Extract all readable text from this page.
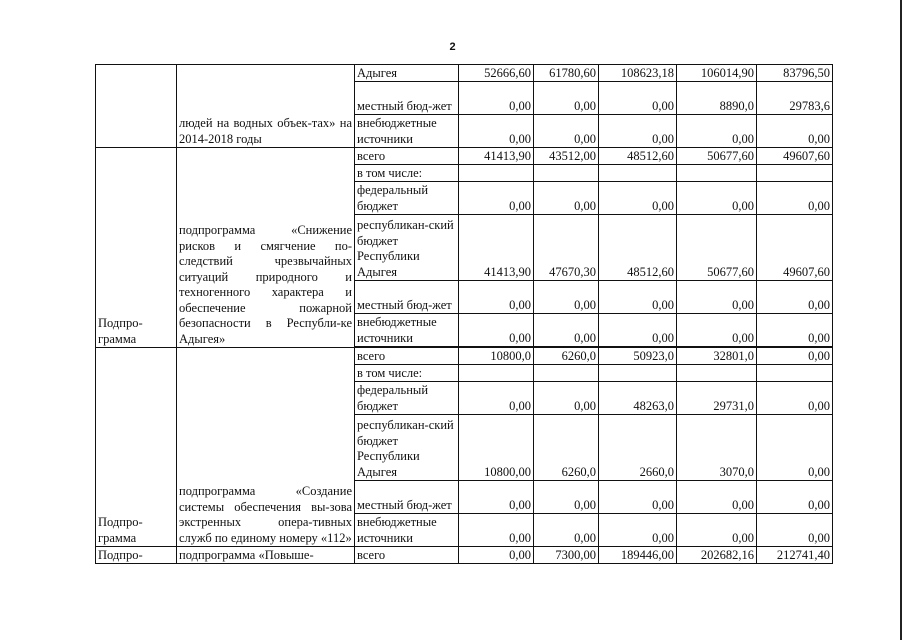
2
	людей на водных объек-тах» на 2014-2018 годы	Адыгея	52666,60	61780,60	108623,18	106014,90	83796,50
		местный бюд-жет	0,00	0,00	0,00	8890,0	29783,6
		внебюджетные источники	0,00	0,00	0,00	0,00	0,00
Подпро-грамма	подпрограмма «Снижение рисков и смягчение по-следствий чрезвычайных ситуаций природного и техногенного характера и обеспечение пожарной безопасности в Республи-ке Адыгея»	всего	41413,90	43512,00	48512,60	50677,60	49607,60
		в том числе:					
		федеральный бюджет	0,00	0,00	0,00	0,00	0,00
		республикан-ский бюджет Республики Адыгея	41413,90	47670,30	48512,60	50677,60	49607,60
		местный бюд-жет	0,00	0,00	0,00	0,00	0,00
		внебюджетные источники	0,00	0,00	0,00	0,00	0,00

Подпро-грамма	подпрограмма «Создание системы обеспечения вы-зова экстренных опера-тивных служб по единому номеру «112»	всего	10800,0	6260,0	50923,0	32801,0	0,00
		в том числе:					
		федеральный бюджет	0,00	0,00	48263,0	29731,0	0,00
		республикан-ский бюджет Республики Адыгея	10800,00	6260,0	2660,0	3070,0	0,00
		местный бюд-жет	0,00	0,00	0,00	0,00	0,00
		внебюджетные источники	0,00	0,00	0,00	0,00	0,00
Подпро-	подпрограмма «Повыше-	всего	0,00	7300,00	189446,00	202682,16	212741,40
